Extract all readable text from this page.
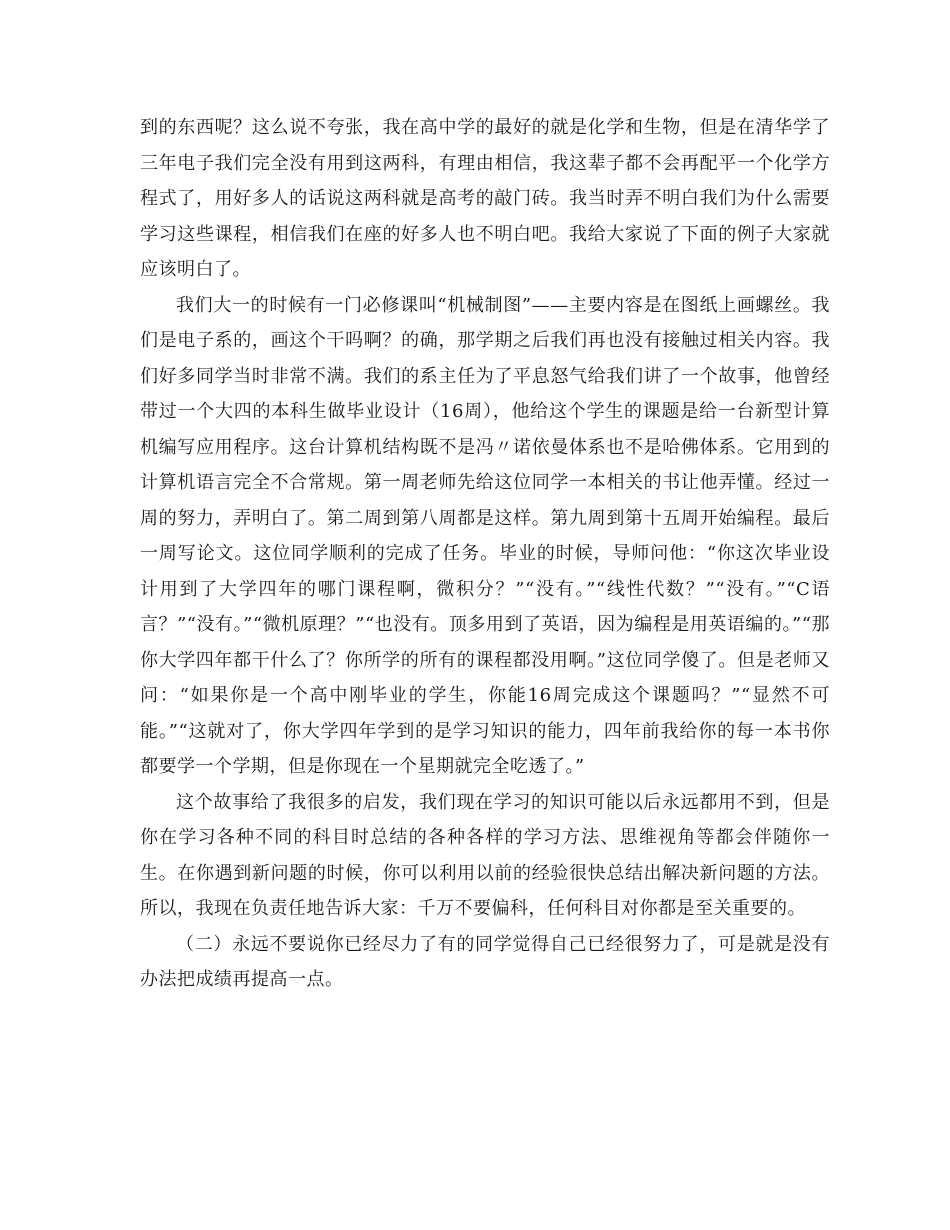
到的东西呢？这么说不夸张，我在高中学的最好的就是化学和生物，但是在清华学了三年电子我们完全没有用到这两科，有理由相信，我这辈子都不会再配平一个化学方程式了，用好多人的话说这两科就是高考的敲门砖。我当时弄不明白我们为什么需要学习这些课程，相信我们在座的好多人也不明白吧。我给大家说了下面的例子大家就应该明白了。

我们大一的时候有一门必修课叫“机械制图”——主要内容是在图纸上画螺丝。我们是电子系的，画这个干吗啊？的确，那学期之后我们再也没有接触过相关内容。我们好多同学当时非常不满。我们的系主任为了平息怒气给我们讲了一个故事，他曾经带过一个大四的本科生做毕业设计（16周），他给这个学生的课题是给一台新型计算机编写应用程序。这台计算机结构既不是冯〃诺依曼体系也不是哈佛体系。它用到的计算机语言完全不合常规。第一周老师先给这位同学一本相关的书让他弄懂。经过一周的努力，弄明白了。第二周到第八周都是这样。第九周到第十五周开始编程。最后一周写论文。这位同学顺利的完成了任务。毕业的时候，导师问他：“你这次毕业设计用到了大学四年的哪门课程啊，微积分？”“没有。”“线性代数？”“没有。”“C语言？”“没有。”“微机原理？”“也没有。顶多用到了英语，因为编程是用英语编的。”“那你大学四年都干什么了？你所学的所有的课程都没用啊。”这位同学傻了。但是老师又问：“如果你是一个高中刚毕业的学生，你能16周完成这个课题吗？”“显然不可能。”“这就对了，你大学四年学到的是学习知识的能力，四年前我给你的每一本书你都要学一个学期，但是你现在一个星期就完全吃透了。”

这个故事给了我很多的启发，我们现在学习的知识可能以后永远都用不到，但是你在学习各种不同的科目时总结的各种各样的学习方法、思维视角等都会伴随你一生。在你遇到新问题的时候，你可以利用以前的经验很快总结出解决新问题的方法。所以，我现在负责任地告诉大家：千万不要偏科，任何科目对你都是至关重要的。

（二）永远不要说你已经尽力了有的同学觉得自己已经很努力了，可是就是没有办法把成绩再提高一点。
